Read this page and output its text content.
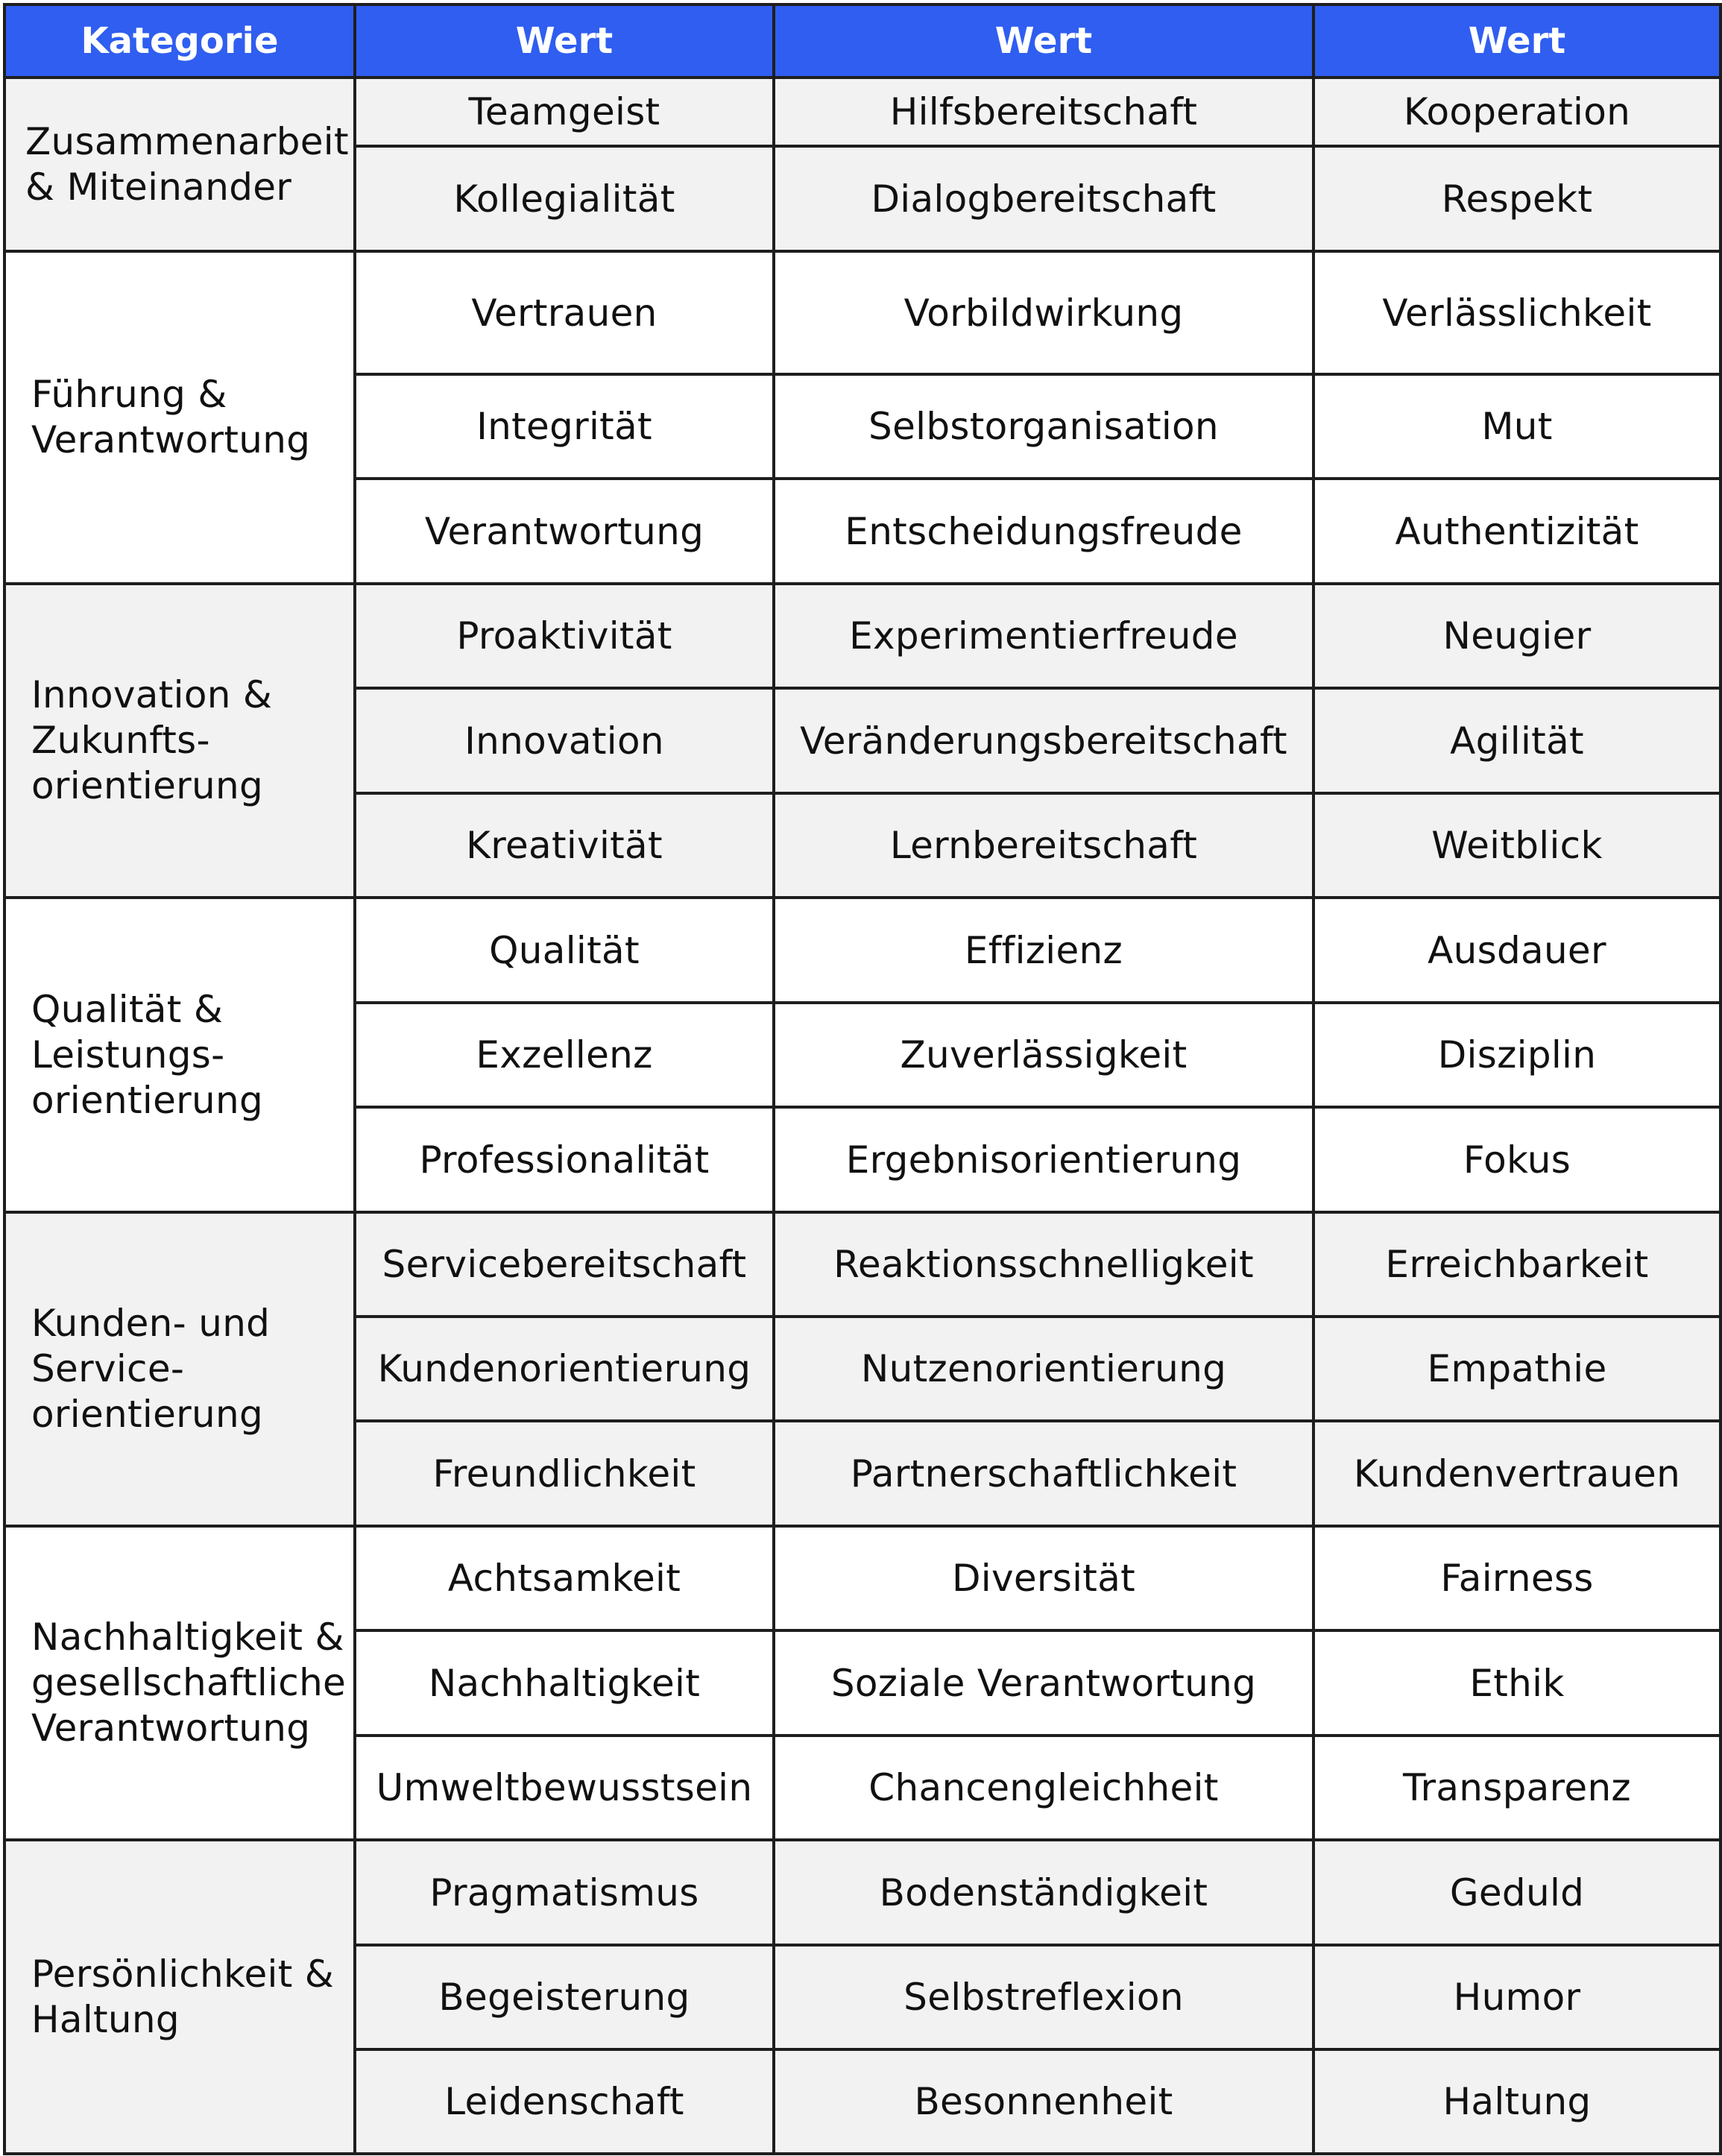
Kategorie	Wert	Wert	Wert
Zusammenarbeit
& Miteinander	Teamgeist	Hilfsbereitschaft	Kooperation
	Kollegialität	Dialogbereitschaft	Respekt
Führung &
Verantwortung	Vertrauen	Vorbildwirkung	Verlässlichkeit
	Integrität	Selbstorganisation	Mut
	Verantwortung	Entscheidungsfreude	Authentizität
Innovation &
Zukunfts-
orientierung	Proaktivität	Experimentierfreude	Neugier
	Innovation	Veränderungsbereitschaft	Agilität
	Kreativität	Lernbereitschaft	Weitblick
Qualität &
Leistungs-
orientierung	Qualität	Effizienz	Ausdauer
	Exzellenz	Zuverlässigkeit	Disziplin
	Professionalität	Ergebnisorientierung	Fokus
Kunden- und
Service-
orientierung	Servicebereitschaft	Reaktionsschnelligkeit	Erreichbarkeit
	Kundenorientierung	Nutzenorientierung	Empathie
	Freundlichkeit	Partnerschaftlichkeit	Kundenvertrauen
Nachhaltigkeit &
gesellschaftliche
Verantwortung	Achtsamkeit	Diversität	Fairness
	Nachhaltigkeit	Soziale Verantwortung	Ethik
	Umweltbewusstsein	Chancengleichheit	Transparenz
Persönlichkeit &
Haltung	Pragmatismus	Bodenständigkeit	Geduld
	Begeisterung	Selbstreflexion	Humor
	Leidenschaft	Besonnenheit	Haltung
